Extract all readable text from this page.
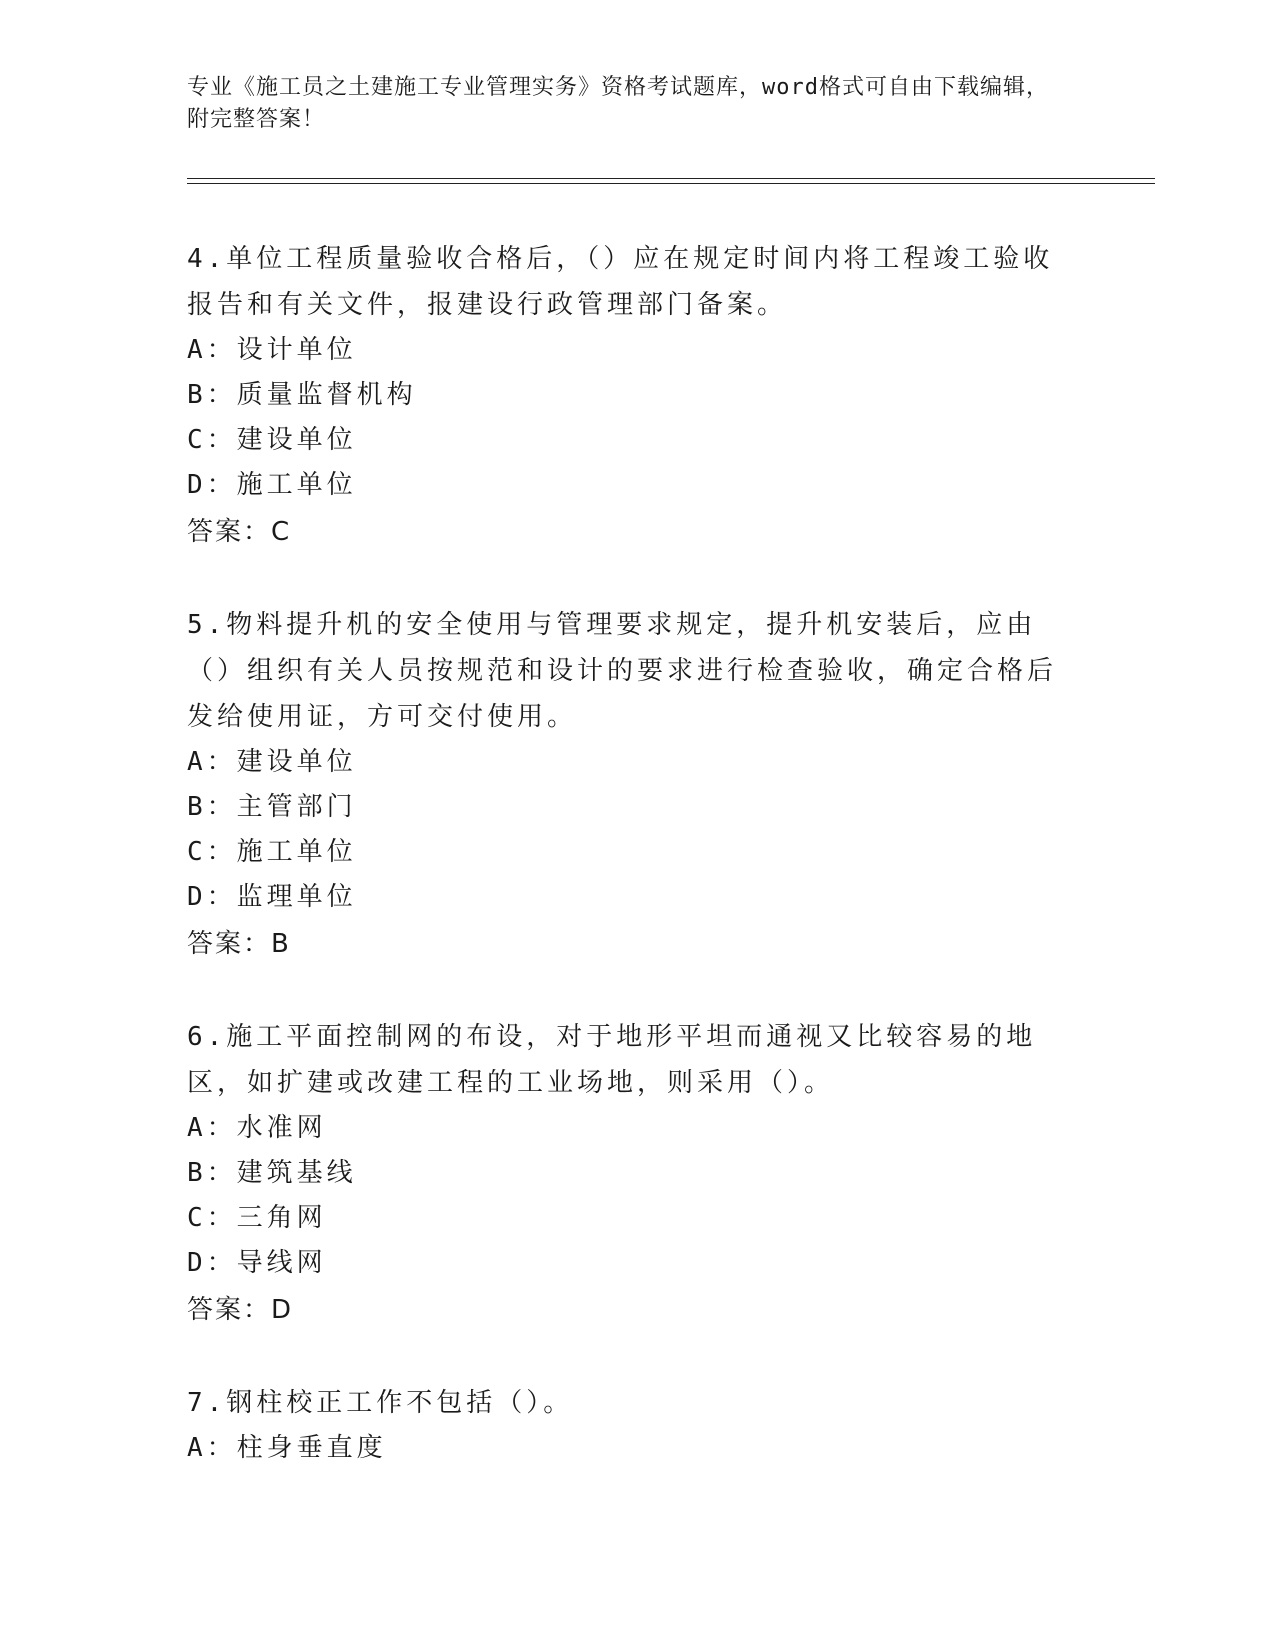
专业《施工员之土建施工专业管理实务》资格考试题库，word格式可自由下载编辑，附完整答案！
4.单位工程质量验收合格后，（）应在规定时间内将工程竣工验收报告和有关文件，报建设行政管理部门备案。
A：设计单位
B：质量监督机构
C：建设单位
D：施工单位
答案：C
5.物料提升机的安全使用与管理要求规定，提升机安装后，应由（）组织有关人员按规范和设计的要求进行检查验收，确定合格后发给使用证，方可交付使用。
A：建设单位
B：主管部门
C：施工单位
D：监理单位
答案：B
6.施工平面控制网的布设，对于地形平坦而通视又比较容易的地区，如扩建或改建工程的工业场地，则采用（）。
A：水准网
B：建筑基线
C：三角网
D：导线网
答案：D
7.钢柱校正工作不包括（）。
A：柱身垂直度
